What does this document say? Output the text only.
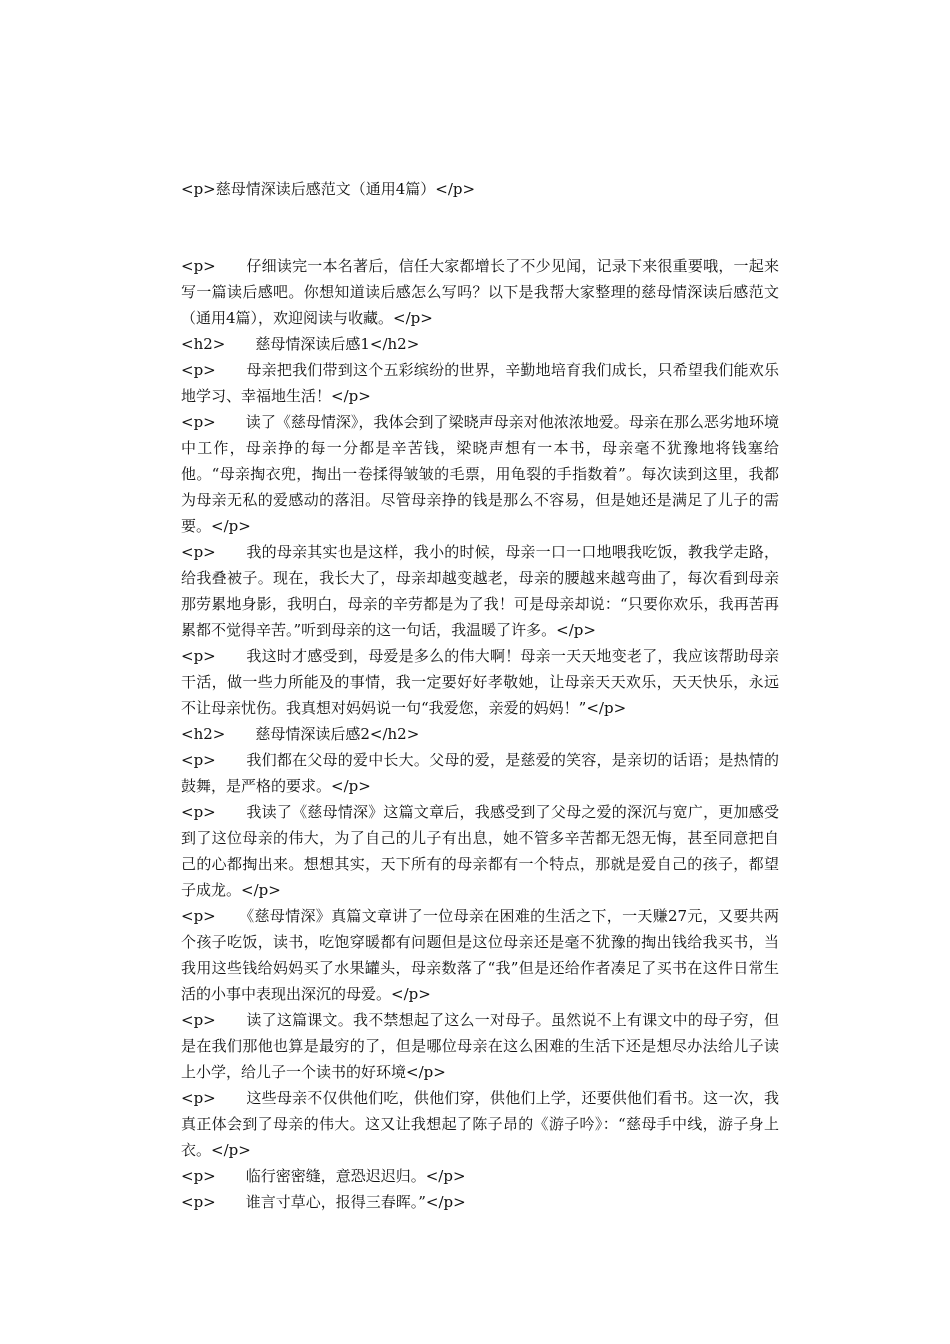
<p>慈母情深读后感范文（通用4篇）</p>
<p>　　仔细读完一本名著后，信任大家都增长了不少见闻，记录下来很重要哦，一起来写一篇读后感吧。你想知道读后感怎么写吗？以下是我帮大家整理的慈母情深读后感范文（通用4篇），欢迎阅读与收藏。</p>
<h2>　　慈母情深读后感1</h2>
<p>　　母亲把我们带到这个五彩缤纷的世界，辛勤地培育我们成长，只希望我们能欢乐地学习、幸福地生活！</p>
<p>　　读了《慈母情深》，我体会到了梁晓声母亲对他浓浓地爱。母亲在那么恶劣地环境中工作，母亲挣的每一分都是辛苦钱，梁晓声想有一本书，母亲毫不犹豫地将钱塞给他。“母亲掏衣兜，掏出一卷揉得皱皱的毛票，用龟裂的手指数着”。每次读到这里，我都为母亲无私的爱感动的落泪。尽管母亲挣的钱是那么不容易，但是她还是满足了儿子的需要。</p>
<p>　　我的母亲其实也是这样，我小的时候，母亲一口一口地喂我吃饭，教我学走路，给我叠被子。现在，我长大了，母亲却越变越老，母亲的腰越来越弯曲了，每次看到母亲那劳累地身影，我明白，母亲的辛劳都是为了我！可是母亲却说：“只要你欢乐，我再苦再累都不觉得辛苦。”听到母亲的这一句话，我温暖了许多。</p>
<p>　　我这时才感受到，母爱是多么的伟大啊！母亲一天天地变老了，我应该帮助母亲干活，做一些力所能及的事情，我一定要好好孝敬她，让母亲天天欢乐，天天快乐，永远不让母亲忧伤。我真想对妈妈说一句“我爱您，亲爱的妈妈！”</p>
<h2>　　慈母情深读后感2</h2>
<p>　　我们都在父母的爱中长大。父母的爱，是慈爱的笑容，是亲切的话语；是热情的鼓舞，是严格的要求。</p>
<p>　　我读了《慈母情深》这篇文章后，我感受到了父母之爱的深沉与宽广，更加感受到了这位母亲的伟大，为了自己的儿子有出息，她不管多辛苦都无怨无悔，甚至同意把自己的心都掏出来。想想其实，天下所有的母亲都有一个特点，那就是爱自己的孩子，都望子成龙。</p>
<p>　　《慈母情深》真篇文章讲了一位母亲在困难的生活之下，一天赚27元，又要共两个孩子吃饭，读书，吃饱穿暖都有问题但是这位母亲还是毫不犹豫的掏出钱给我买书，当我用这些钱给妈妈买了水果罐头，母亲数落了“我”但是还给作者凑足了买书在这件日常生活的小事中表现出深沉的母爱。</p>
<p>　　读了这篇课文。我不禁想起了这么一对母子。虽然说不上有课文中的母子穷，但是在我们那他也算是最穷的了，但是哪位母亲在这么困难的生活下还是想尽办法给儿子读上小学，给儿子一个读书的好环境</p>
<p>　　这些母亲不仅供他们吃，供他们穿，供他们上学，还要供他们看书。这一次，我真正体会到了母亲的伟大。这又让我想起了陈子昂的《游子吟》：“慈母手中线，游子身上衣。</p>
<p>　　临行密密缝，意恐迟迟归。</p>
<p>　　谁言寸草心，报得三春晖。”</p>
